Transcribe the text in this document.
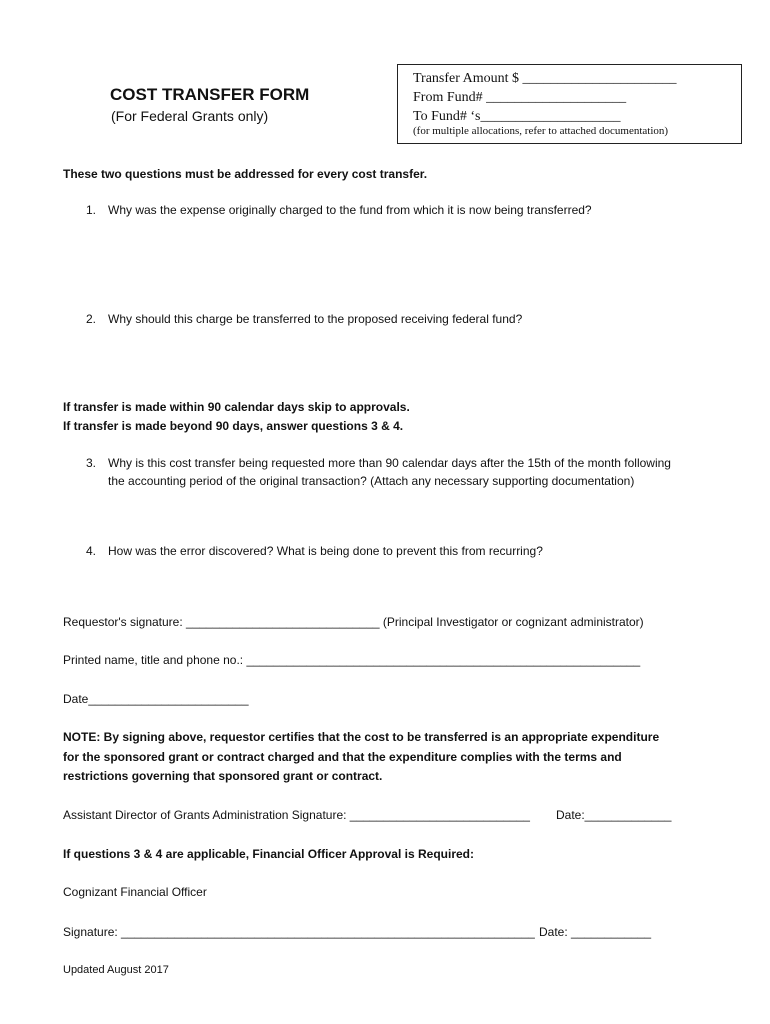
COST TRANSFER FORM
(For Federal Grants only)
Transfer Amount $ ______________________
From Fund# ____________________
To Fund# ‘s____________________
(for multiple allocations, refer to attached documentation)
These two questions must be addressed for every cost transfer.
1. Why was the expense originally charged to the fund from which it is now being transferred?
2. Why should this charge be transferred to the proposed receiving federal fund?
If transfer is made within 90 calendar days skip to approvals.
If transfer is made beyond 90 days, answer questions 3 & 4.
3. Why is this cost transfer being requested more than 90 calendar days after the 15th of the month following
the accounting period of the original transaction? (Attach any necessary supporting documentation)
4. How was the error discovered? What is being done to prevent this from recurring?
Requestor's signature: _____________________________ (Principal Investigator or cognizant administrator)
Printed name, title and phone no.: ___________________________________________________________
Date________________________
NOTE: By signing above, requestor certifies that the cost to be transferred is an appropriate expenditure
for the sponsored grant or contract charged and that the expenditure complies with the terms and
restrictions governing that sponsored grant or contract.
Assistant Director of Grants Administration Signature: ___________________________ Date:_____________
If questions 3 & 4 are applicable, Financial Officer Approval is Required:
Cognizant Financial Officer
Signature: ______________________________________________________________ Date: ____________
Updated August 2017
